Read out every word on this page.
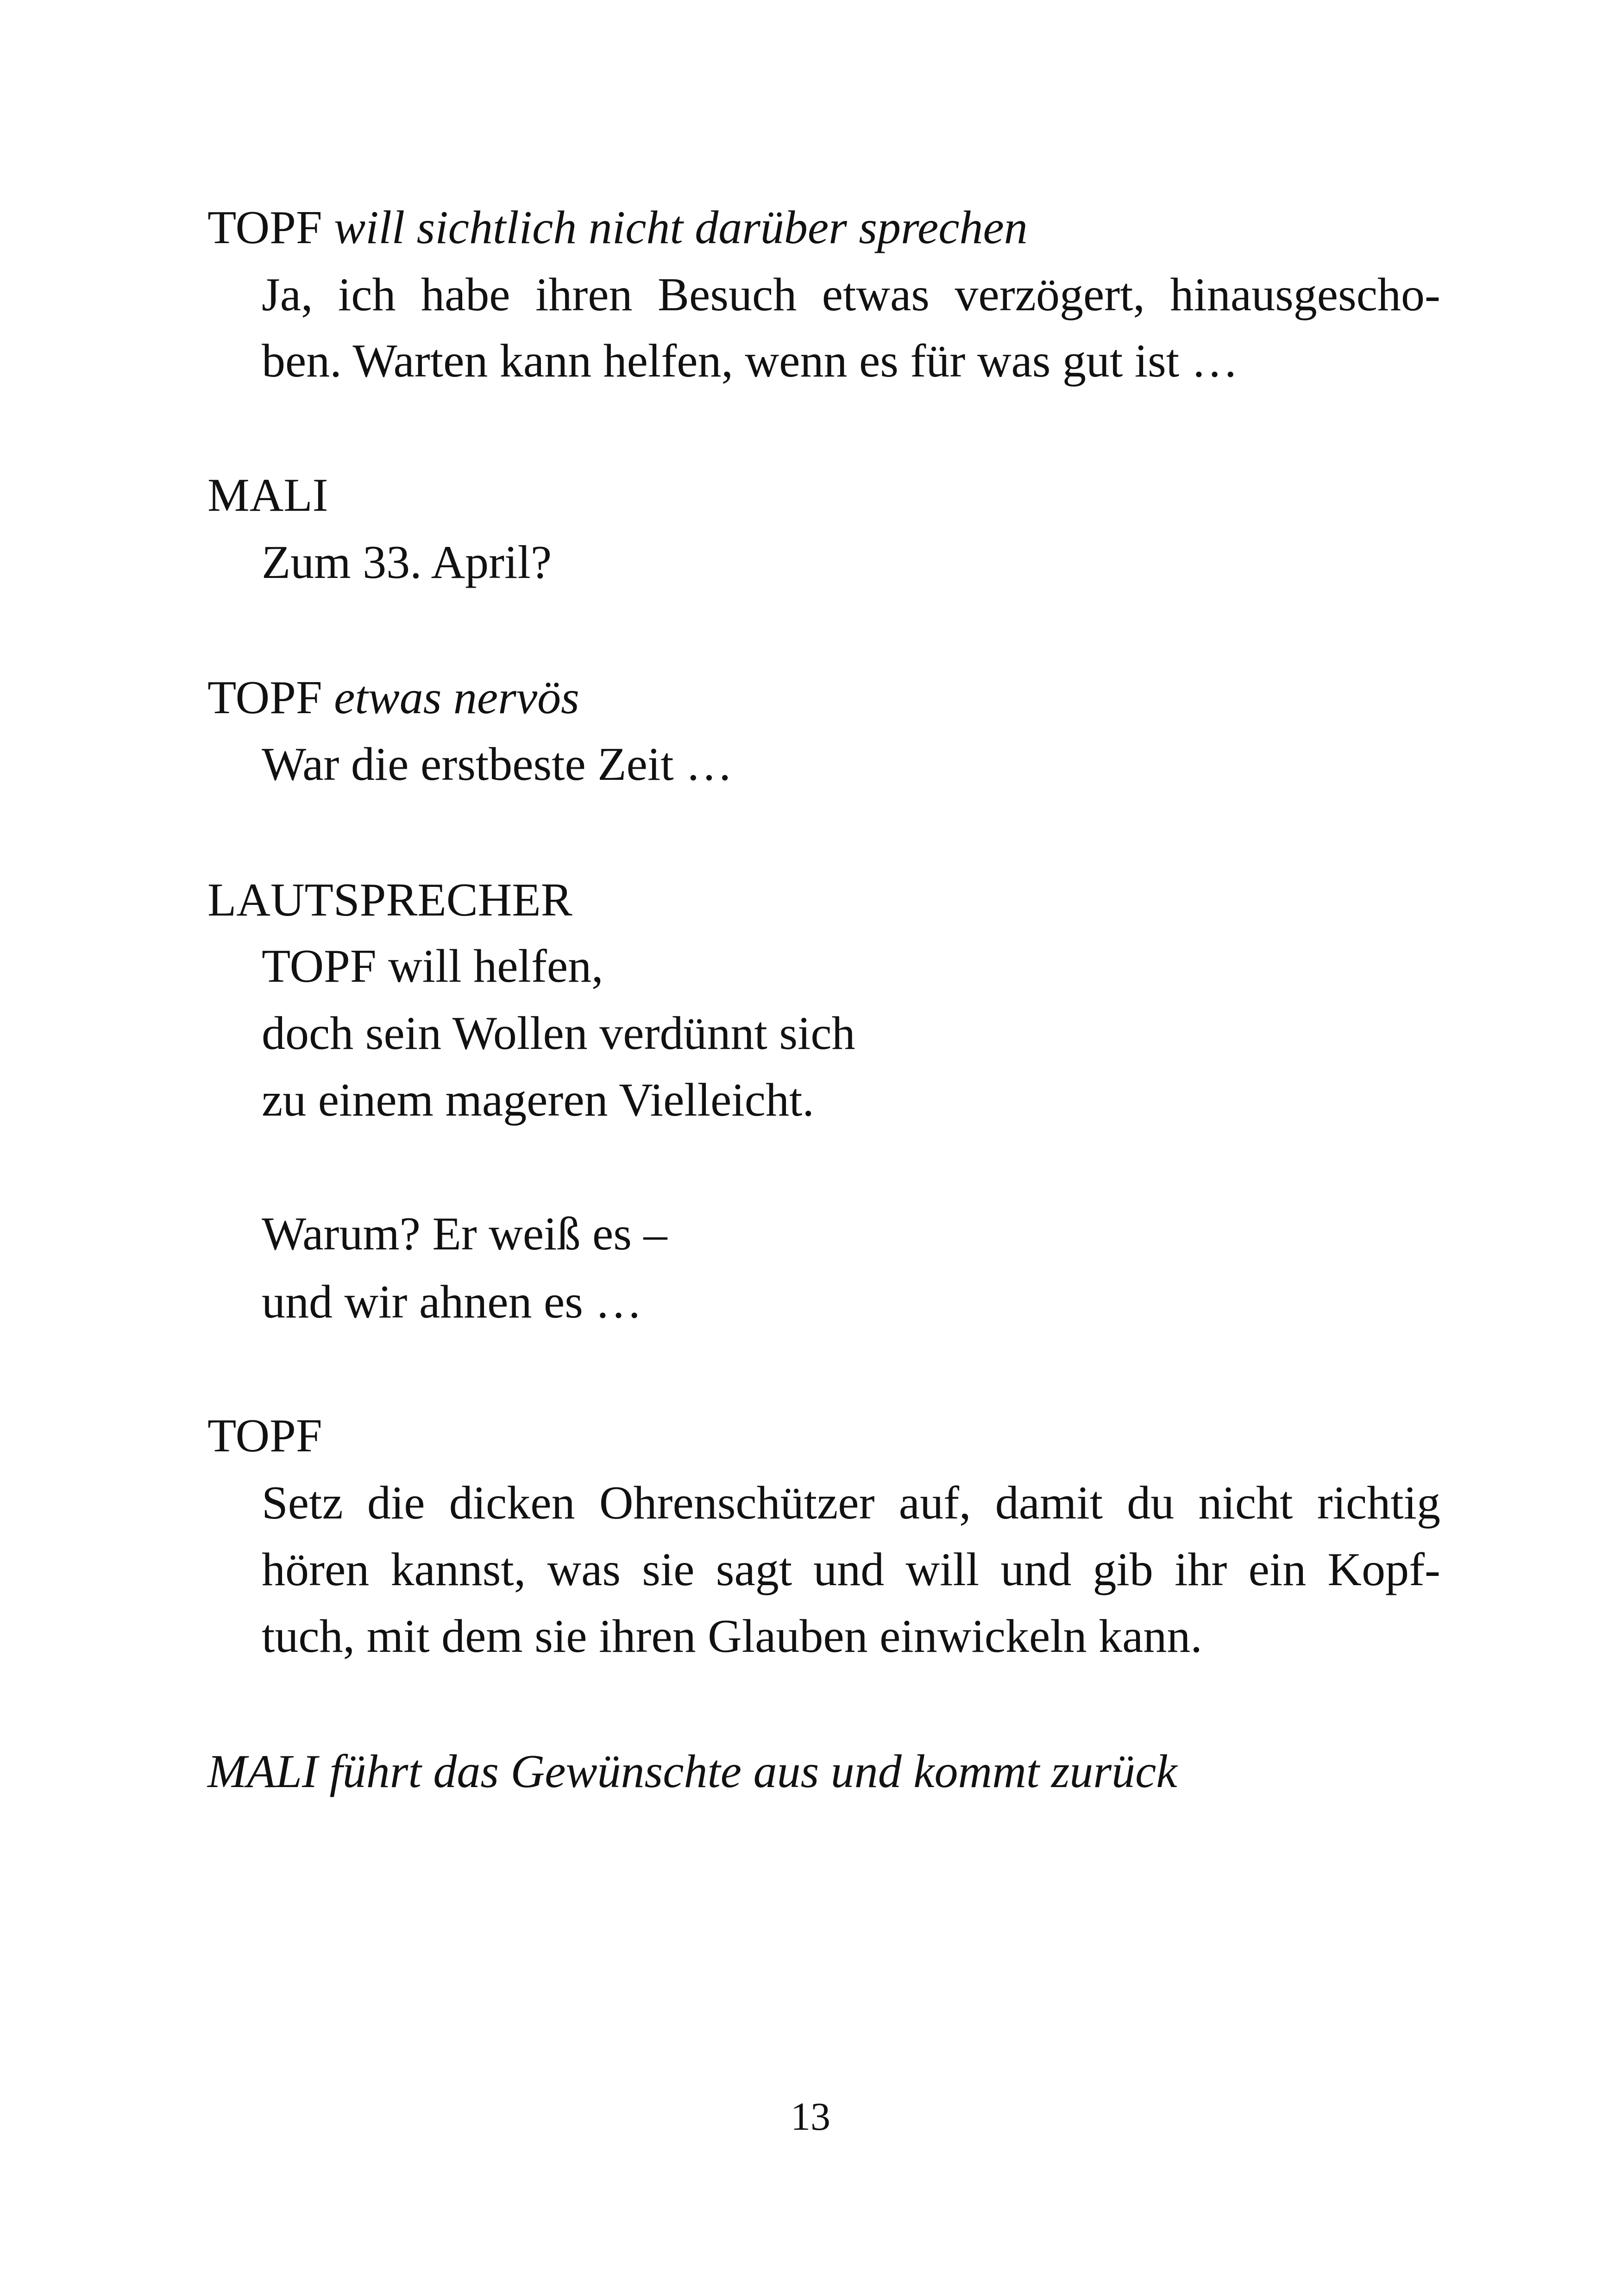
TOPF will sichtlich nicht darüber sprechen

Ja, ich habe ihren Besuch etwas verzögert, hinausgescho-

ben. Warten kann helfen, wenn es für was gut ist …

MALI

Zum 33. April?

TOPF etwas nervös

War die erstbeste Zeit …

LAUTSPRECHER

TOPF will helfen,

doch sein Wollen verdünnt sich

zu einem mageren Vielleicht.

Warum? Er weiß es –

und wir ahnen es …

TOPF

Setz die dicken Ohrenschützer auf, damit du nicht richtig

hören kannst, was sie sagt und will und gib ihr ein Kopf-

tuch, mit dem sie ihren Glauben einwickeln kann.

MALI führt das Gewünschte aus und kommt zurück

13
